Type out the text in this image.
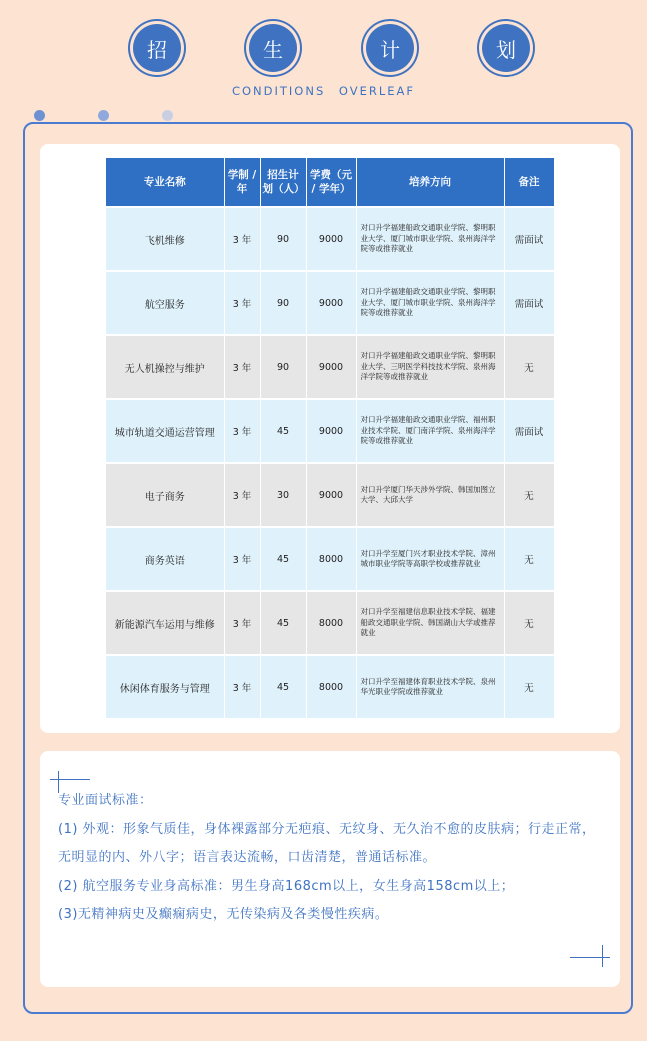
招	生	计	划
CONDITIONS OVERLEAF
专业名称	学制 / 年	招生计 划（人）	学费（元 / 学年）	培养方向	备注
飞机维修	3 年	90	9000	对口升学福建船政交通职业学院、黎明职业大学、厦门城市职业学院、泉州海洋学院等或推荐就业	需面试
航空服务	3 年	90	9000	对口升学福建船政交通职业学院、黎明职业大学、厦门城市职业学院、泉州海洋学院等或推荐就业	需面试
无人机操控与维护	3 年	90	9000	对口升学福建船政交通职业学院、黎明职业大学、三明医学科技技术学院、泉州海洋学院等或推荐就业	无
城市轨道交通运营管理	3 年	45	9000	对口升学福建船政交通职业学院、福州职业技术学院、厦门南洋学院、泉州海洋学院等或推荐就业	需面试
电子商务	3 年	30	9000	对口升学厦门华天涉外学院、韩国加图立大学、大邱大学	无
商务英语	3 年	45	8000	对口升学至厦门兴才职业技术学院、漳州城市职业学院等高职学校或推荐就业	无
新能源汽车运用与维修	3 年	45	8000	对口升学至福建信息职业技术学院、福建船政交通职业学院、韩国湖山大学或推荐就业	无
休闲体育服务与管理	3 年	45	8000	对口升学至福建体育职业技术学院、泉州华光职业学院或推荐就业	无

专业面试标准：

(1) 外观：形象气质佳，身体裸露部分无疤痕、无纹身、无久治不愈的皮肤病；行走正常，无明显的内、外八字；语言表达流畅，口齿清楚，普通话标准。

(2) 航空服务专业身高标准：男生身高168cm以上，女生身高158cm以上；

(3)无精神病史及癫痫病史，无传染病及各类慢性疾病。
